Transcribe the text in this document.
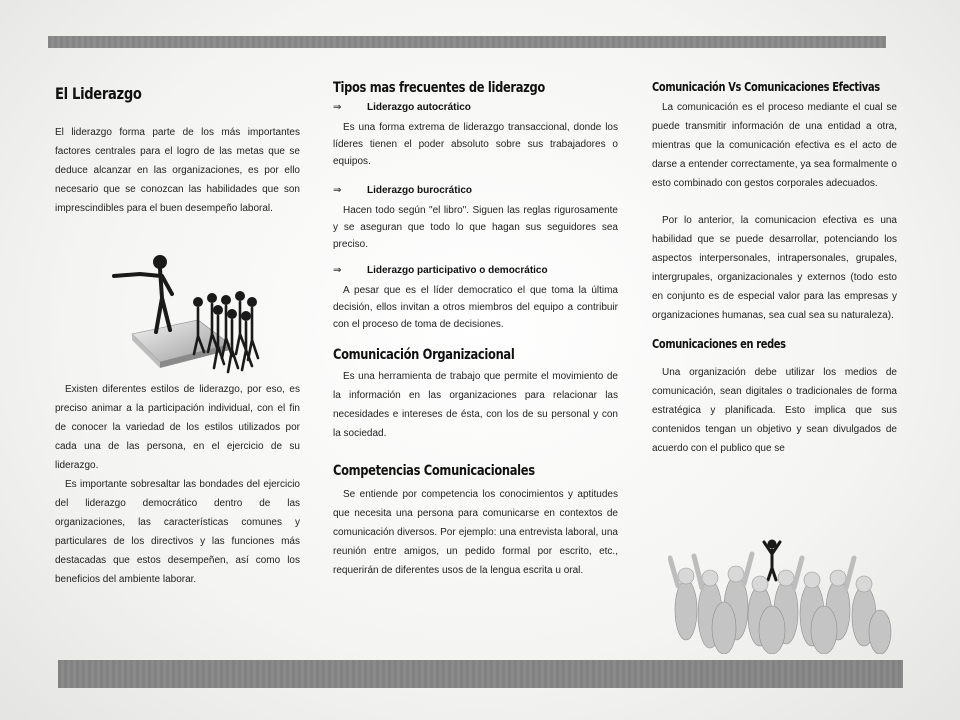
El Liderazgo

El liderazgo forma parte de los más importantes factores centrales para el logro de las metas que se deduce alcanzar en las organizaciones, es por ello necesario que se conozcan las habilidades que son imprescindibles para el buen desempeño laboral.

Existen diferentes estilos de liderazgo, por eso, es preciso animar a la participación individual, con el fin de conocer la variedad de los estilos utilizados por cada una de las persona, en el ejercicio de su liderazgo.

Es importante sobresaltar las bondades del ejercicio del liderazgo democrático dentro de las organizaciones, las características comunes y particulares de los directivos y las funciones más destacadas que estos desempeñen, así como los beneficios del ambiente laborar.

Tipos mas frecuentes de liderazgo
⇒	Liderazgo autocrático

Es una forma extrema de liderazgo transaccional, donde los líderes tienen el poder absoluto sobre sus trabajadores o equipos.

⇒	Liderazgo burocrático

Hacen todo según "el libro". Siguen las reglas rigurosamente y se aseguran que todo lo que hagan sus seguidores sea preciso.

⇒	Liderazgo participativo o democrático

A pesar que es el líder democratico el que toma la última decisión, ellos invitan a otros miembros del equipo a contribuir con el proceso de toma de decisiones.

Comunicación Organizacional

Es una herramienta de trabajo que permite el movimiento de la información en las organizaciones para relacionar las necesidades e intereses de ésta, con los de su personal y con la sociedad.

Competencias Comunicacionales

Se entiende por competencia los conocimientos y aptitudes que necesita una persona para comunicarse en contextos de comunicación diversos. Por ejemplo: una entrevista laboral, una reunión entre amigos, un pedido formal por escrito, etc., requerirán de diferentes usos de la lengua escrita u oral.

Comunicación Vs Comunicaciones Efectivas

La comunicación es el proceso mediante el cual se puede transmitir información de una entidad a otra, mientras que la comunicación efectiva es el acto de darse a entender correctamente, ya sea formalmente o esto combinado con gestos corporales adecuados.

Por lo anterior, la comunicacion efectiva es una habilidad que se puede desarrollar, potenciando los aspectos interpersonales, intrapersonales, grupales, intergrupales, organizacionales y externos (todo esto en conjunto es de especial valor para las empresas y organizaciones humanas, sea cual sea su naturaleza).

Comunicaciones en redes

Una organización debe utilizar los medios de comunicación, sean digitales o tradicionales de forma estratégica y planificada. Esto implica que sus contenidos tengan un objetivo y sean divulgados de acuerdo con el publico que se
